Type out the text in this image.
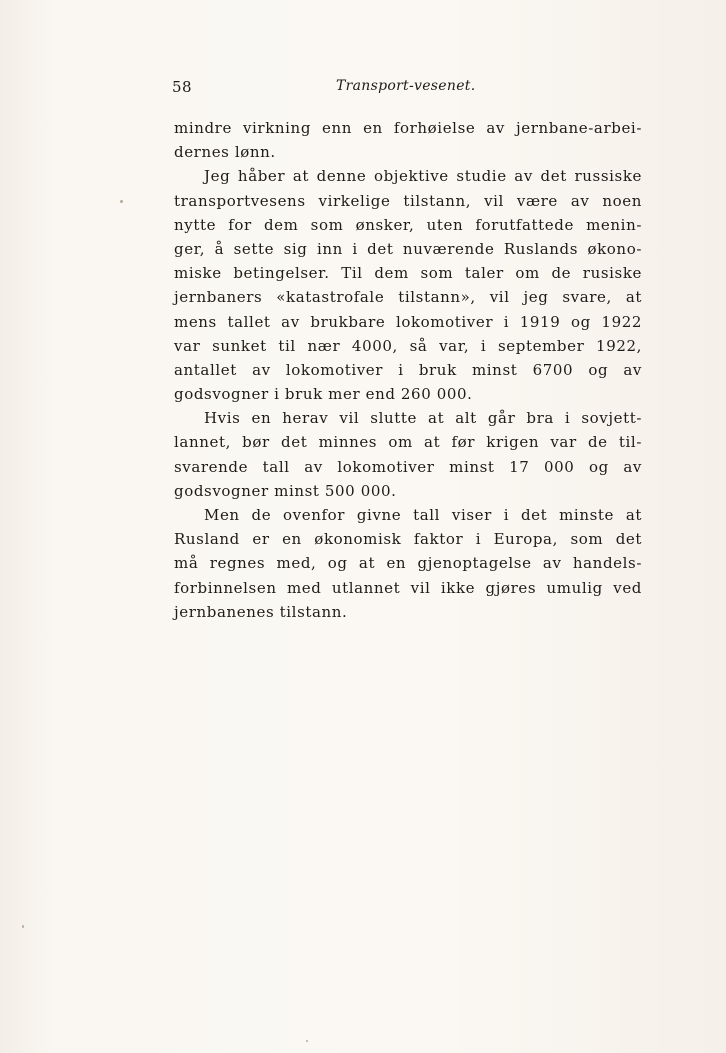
58	Transport-vesenet.
mindre virkning enn en forhøielse av jernbane-arbei-
dernes lønn.
Jeg håber at denne objektive studie av det russiske
transportvesens virkelige tilstann, vil være av noen
nytte for dem som ønsker, uten forutfattede menin-
ger, å sette sig inn i det nuværende Ruslands økono-
miske betingelser. Til dem som taler om de rusiske
jernbaners «katastrofale tilstann», vil jeg svare, at
mens tallet av brukbare lokomotiver i 1919 og 1922
var sunket til nær 4000, så var, i september 1922,
antallet av lokomotiver i bruk minst 6700 og av
godsvogner i bruk mer end 260 000.
Hvis en herav vil slutte at alt går bra i sovjett-
lannet, bør det minnes om at før krigen var de til-
svarende tall av lokomotiver minst 17 000 og av
godsvogner minst 500 000.
Men de ovenfor givne tall viser i det minste at
Rusland er en økonomisk faktor i Europa, som det
må regnes med, og at en gjenoptagelse av handels-
forbinnelsen med utlannet vil ikke gjøres umulig ved
jernbanenes tilstann.
